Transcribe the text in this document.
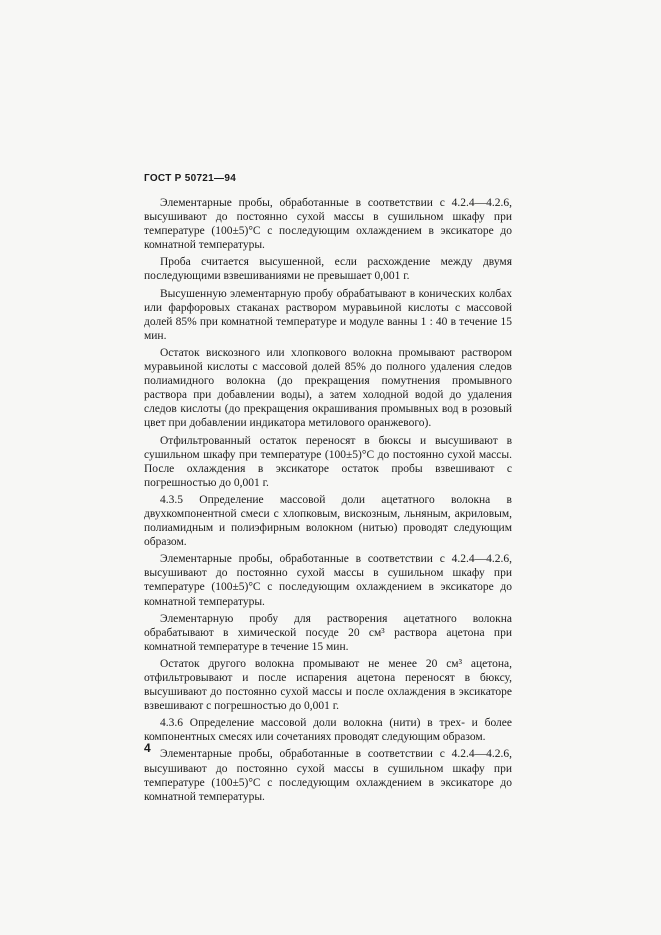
ГОСТ Р 50721—94

Элементарные пробы, обработанные в соответствии с 4.2.4—4.2.6, высушивают до постоянно сухой массы в сушильном шкафу при температуре (100±5)°С с последующим охлаждением в эксикаторе до комнатной температуры.

Проба считается высушенной, если расхождение между двумя последующими взвешиваниями не превышает 0,001 г.

Высушенную элементарную пробу обрабатывают в конических колбах или фарфоровых стаканах раствором муравьиной кислоты с массовой долей 85% при комнатной температуре и модуле ванны 1 : 40 в течение 15 мин.

Остаток вискозного или хлопкового волокна промывают раствором муравьиной кислоты с массовой долей 85% до полного удаления следов полиамидного волокна (до прекращения помутнения промывного раствора при добавлении воды), а затем холодной водой до удаления следов кислоты (до прекращения окрашивания промывных вод в розовый цвет при добавлении индикатора метилового оранжевого).

Отфильтрованный остаток переносят в бюксы и высушивают в сушильном шкафу при температуре (100±5)°С до постоянно сухой массы. После охлаждения в эксикаторе остаток пробы взвешивают с погрешностью до 0,001 г.

4.3.5 Определение массовой доли ацетатного волокна в двухкомпонентной смеси с хлопковым, вискозным, льняным, акриловым, полиамидным и полиэфирным волокном (нитью) проводят следующим образом.

Элементарные пробы, обработанные в соответствии с 4.2.4—4.2.6, высушивают до постоянно сухой массы в сушильном шкафу при температуре (100±5)°С с последующим охлаждением в эксикаторе до комнатной температуры.

Элементарную пробу для растворения ацетатного волокна обрабатывают в химической посуде 20 см³ раствора ацетона при комнатной температуре в течение 15 мин.

Остаток другого волокна промывают не менее 20 см³ ацетона, отфильтровывают и после испарения ацетона переносят в бюксу, высушивают до постоянно сухой массы и после охлаждения в эксикаторе взвешивают с погрешностью до 0,001 г.

4.3.6 Определение массовой доли волокна (нити) в трех- и более компонентных смесях или сочетаниях проводят следующим образом.

Элементарные пробы, обработанные в соответствии с 4.2.4—4.2.6, высушивают до постоянно сухой массы в сушильном шкафу при температуре (100±5)°С с последующим охлаждением в эксикаторе до комнатной температуры.

4
